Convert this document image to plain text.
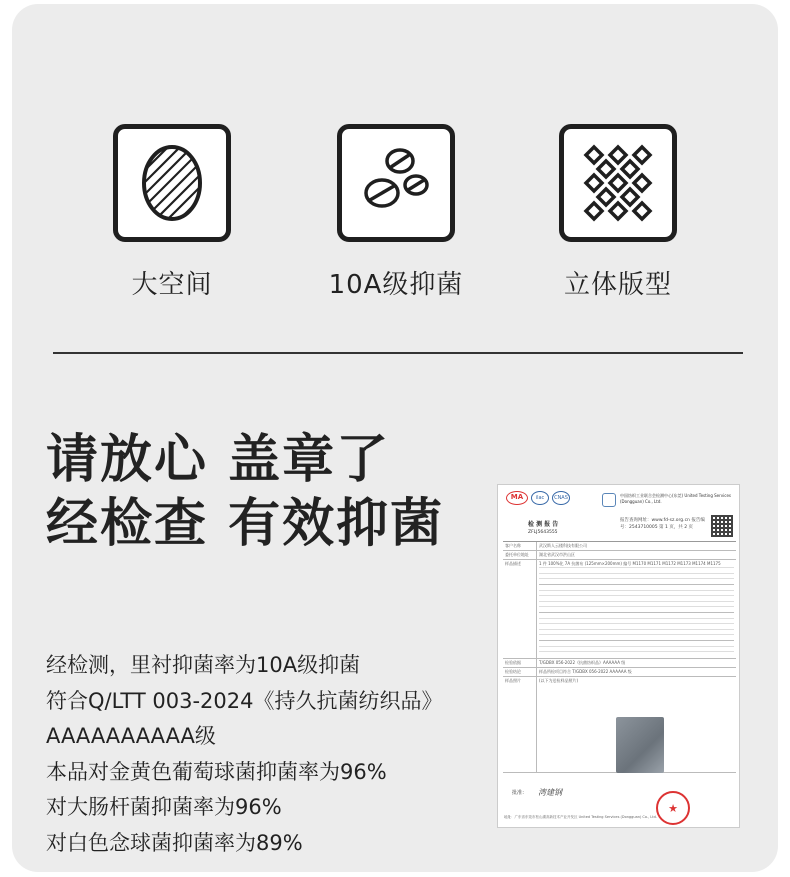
大空间	10A级抑菌	立体版型
请放心 盖章了
经检查 有效抑菌
经检测，里衬抑菌率为10A级抑菌
符合Q/LTT 003-2024《持久抗菌纺织品》
AAAAAAAAAA级
本品对金黄色葡萄球菌抑菌率为96%
对大肠杆菌抑菌率为96%
对白色念球菌抑菌率为89%
MA	ilac	CNAS	中国纺织工业联合会检测中心(东莞) United Testing Services (Dongguan) Co., Ltd.
检 测 报 告
ZFLJ5643555
报告查询网址：www.fd-sz.org.cn 报告编号：2543710005 第 1 页，共 2 页
客户名称	武汉斯人云楼科技有限公司
委托单位地址	湖北省武汉市洪山区
样品描述	1 件 100%化 7A 抗菌布 (125mm×200mm) 编号 M1170 M1171 M1172 M1173 M1174 M1175
检验依据	T/GDBX 056-2022《抗菌纺织品》AAAAAA 级
检验结论	样品所检项目符合 T/GDBX 056-2022 AAAAAA 级
样品照片	(以下为送检样品照片)
批准： 湾建钢
★
地址：广东省东莞市松山湖高新技术产业开发区 United Testing Services (Dongguan) Co., Ltd.
